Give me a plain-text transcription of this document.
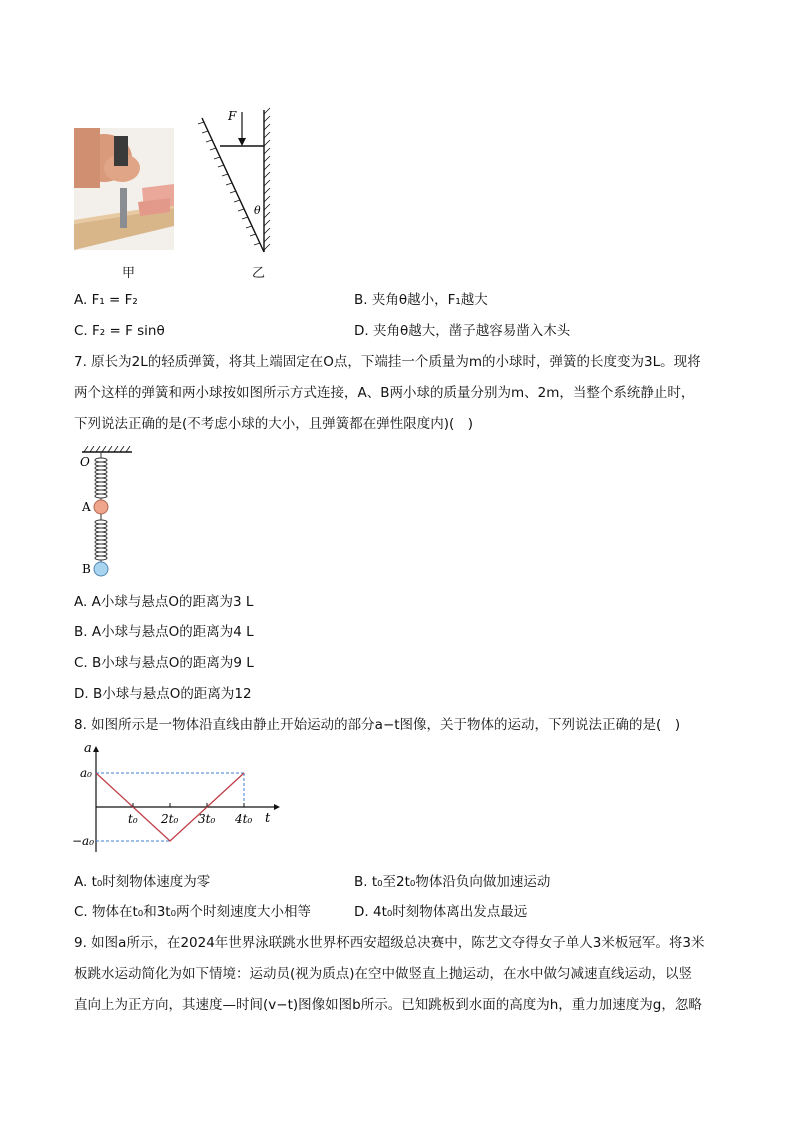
甲
F
θ
乙
A. F₁ = F₂	B. 夹角θ越小，F₁越大
C. F₂ = F sinθ	D. 夹角θ越大，凿子越容易凿入木头
7. 原长为2L的轻质弹簧，将其上端固定在O点，下端挂一个质量为m的小球时，弹簧的长度变为3L。现将
两个这样的弹簧和两小球按如图所示方式连接，A、B两小球的质量分别为m、2m，当整个系统静止时，
下列说法正确的是(不考虑小球的大小，且弹簧都在弹性限度内)(　)
O
A
B
A. A小球与悬点O的距离为3 L
B. A小球与悬点O的距离为4 L
C. B小球与悬点O的距离为9 L
D. B小球与悬点O的距离为12
8. 如图所示是一物体沿直线由静止开始运动的部分a−t图像，关于物体的运动，下列说法正确的是(　)
a
t
t₀ 2t₀ 3t₀ 4t₀
a₀
−a₀
A. t₀时刻物体速度为零	B. t₀至2t₀物体沿负向做加速运动
C. 物体在t₀和3t₀两个时刻速度大小相等	D. 4t₀时刻物体离出发点最远
9. 如图a所示，在2024年世界泳联跳水世界杯西安超级总决赛中，陈艺文夺得女子单人3米板冠军。将3米
板跳水运动简化为如下情境：运动员(视为质点)在空中做竖直上抛运动，在水中做匀减速直线运动，以竖
直向上为正方向，其速度—时间(v−t)图像如图b所示。已知跳板到水面的高度为h，重力加速度为g，忽略
